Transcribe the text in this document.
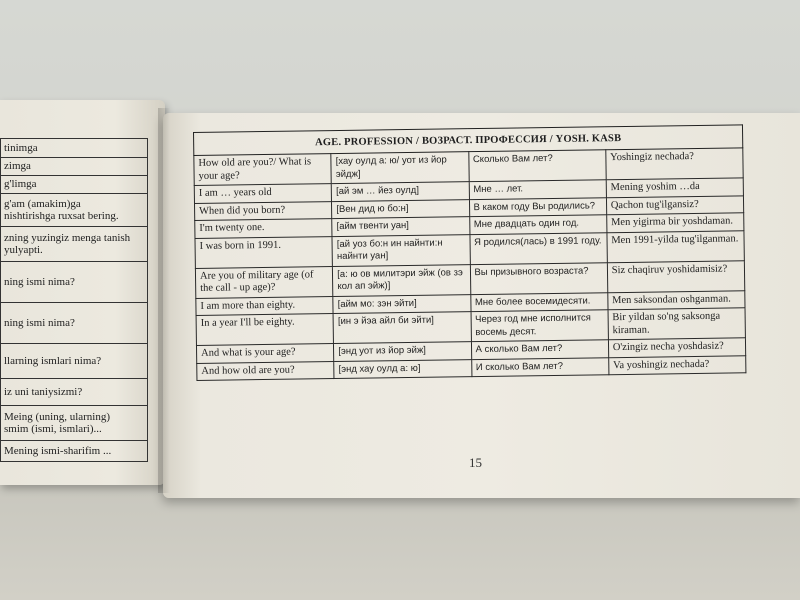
tinimga

zimga

g'limga

g'am (amakim)ga
nishtirishga ruxsat bering.

zning yuzingiz menga tanish
yulyapti.

ning ismi nima?

ning ismi nima?

llarning ismlari nima?

iz uni taniysizmi?

Meing (uning, ularning)
smim (ismi, ismlari)...

Mening ismi-sharifim ...
AGE. PROFESSION / ВОЗРАСТ. ПРОФЕССИЯ / YOSH. KASB			
How old are you?/ What is your age?	[хау оулд а: ю/ уот из йор эйдж]	Сколько Вам лет?	Yoshingiz nechada?
I am … years old	[ай эм … йез оулд]	Мне … лет.	Mening yoshim …da
When did you born?	[Вен дид ю бо:н]	В каком году Вы родились?	Qachon tug'ilgansiz?
I'm twenty one.	[айм твенти уан]	Мне двадцать один год.	Men yigirma bir yoshdaman.
I was born in 1991.	[ай уоз бо:н ин найнти:н найнти уан]	Я родился(лась) в 1991 году.	Men 1991-yilda tug'ilganman.
Are you of military age (of the call - up age)?	[а: ю ов милитэри эйж (ов зэ кол ап эйж)]	Вы призывного возраста?	Siz chaqiruv yoshidamisiz?
I am more than eighty.	[айм мо: зэн эйти]	Мне более восемидесяти.	Men saksondan oshganman.
In a year I'll be eighty.	[ин э йэа айл би эйти]	Через год мне исполнится восемь десят.	Bir yildan so'ng saksonga kiraman.
And what is your age?	[энд уот из йор эйж]	А сколько Вам лет?	O'zingiz necha yoshdasiz?
And how old are you?	[энд хау оулд а: ю]	И сколько Вам лет?	Va yoshingiz nechada?
15
